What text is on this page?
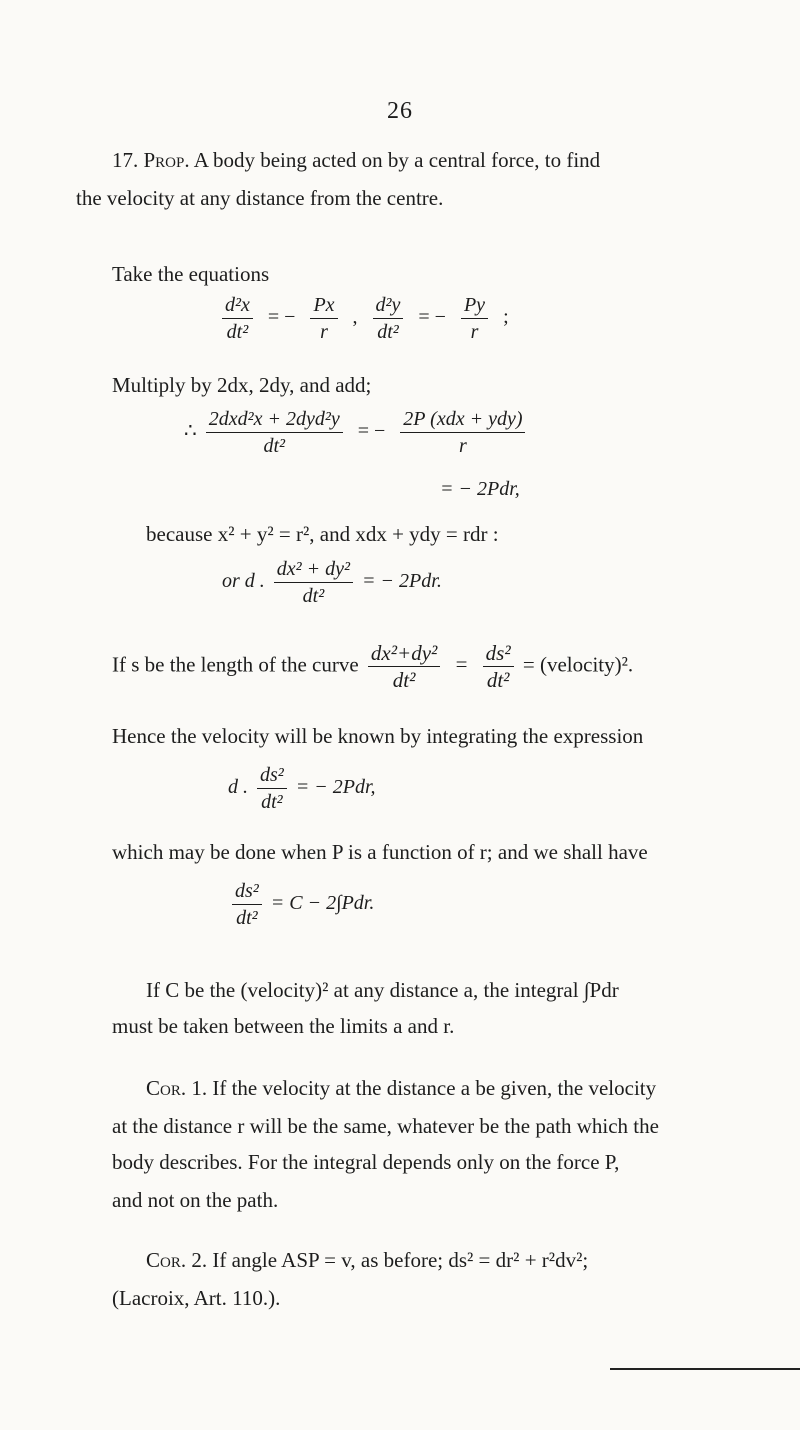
26
17. Prop. A body being acted on by a central force, to find
the velocity at any distance from the centre.
Take the equations
$\frac{\text{d²x}}{\text{dt²}}$ = − $\frac{Px}{r}$ , $\frac{\text{d²y}}{\text{dt²}}$ = − $\frac{Py}{r}$ ;
Multiply by 2dx, 2dy, and add;
∴ $\frac{\text{2dxd²x + 2dyd²y}}{\text{dt²}}$ = − $\frac{\text{2P (xdx + ydy)}}{r}$
= − 2Pdr,
because x² + y² = r², and xdx + ydy = rdr :
or d . $\frac{\text{dx² + dy²}}{\text{dt²}}$ = − 2Pdr.
If s be the length of the curve $\frac{\text{dx²+dy²}}{\text{dt²}} = \frac{\text{ds²}}{\text{dt²}}$ = (velocity)².
Hence the velocity will be known by integrating the expression
d . $\frac{\text{ds²}}{\text{dt²}}$ = − 2Pdr,
which may be done when P is a function of r; and we shall have
$\frac{\text{ds²}}{\text{dt²}} = C - 2\int Pdr$.
If C be the (velocity)² at any distance a, the integral ∫Pdr
must be taken between the limits a and r.
Cor. 1. If the velocity at the distance a be given, the velocity
at the distance r will be the same, whatever be the path which the
body describes. For the integral depends only on the force P,
and not on the path.
Cor. 2. If angle ASP = v, as before; ds² = dr² + r²dv²;
(Lacroix, Art. 110.).
